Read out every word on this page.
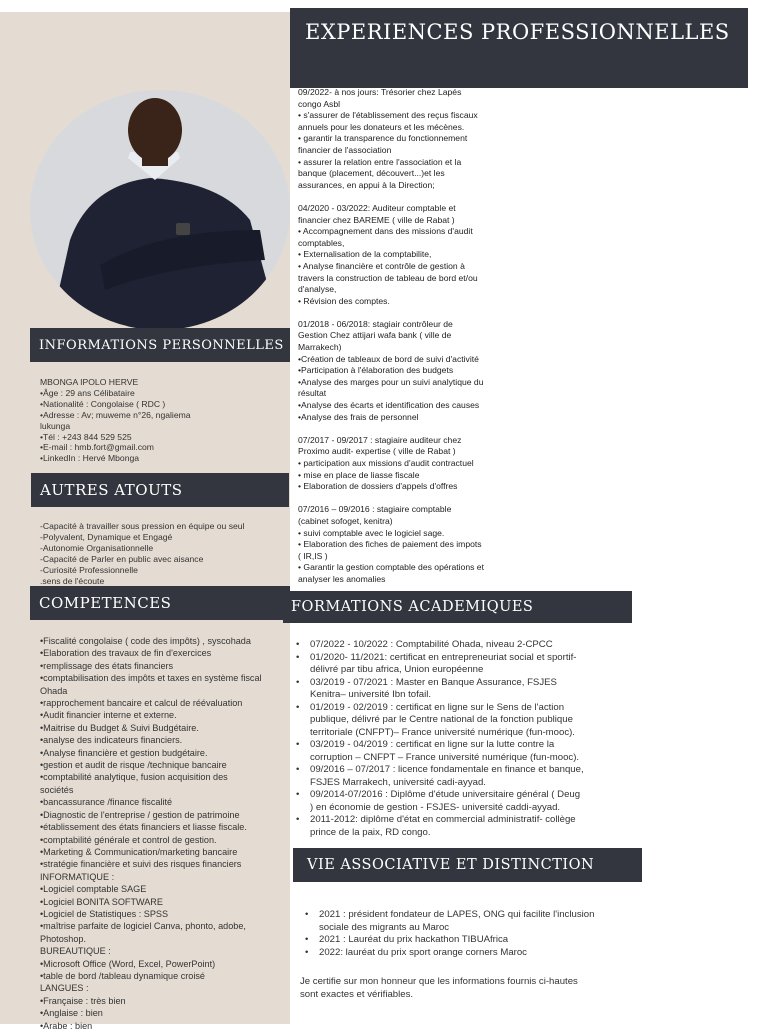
INFORMATIONS PERSONNELLES
MBONGA IPOLO HERVE
•Âge : 29 ans Célibataire
•Nationalité : Congolaise ( RDC )
•Adresse : Av; muweme n°26, ngaliema
lukunga
•Tél : +243 844 529 525
•E-mail : hmb.fort@gmail.com
•LinkedIn : Hervé Mbonga
AUTRES ATOUTS
-Capacité à travailler sous pression en équipe ou seul
-Polyvalent, Dynamique et Engagé
-Autonomie Organisationnelle
-Capacité de Parler en public avec aisance
-Curiosité Professionnelle
.sens de l'écoute
COMPETENCES
•Fiscalité congolaise ( code des impôts) , syscohada
•Elaboration des travaux de fin d'exercices
•remplissage des états financiers
•comptabilisation des impôts et taxes en système fiscal
Ohada
•rapprochement bancaire et calcul de réévaluation
•Audit financier interne et externe.
•Maitrise du Budget & Suivi Budgétaire.
•analyse des indicateurs financiers.
•Analyse financière et gestion budgétaire.
•gestion et audit de risque /technique bancaire
•comptabilité analytique, fusion acquisition des
sociétés
•bancassurance /finance fiscalité
•Diagnostic de l'entreprise / gestion de patrimoine
•établissement des états financiers et liasse fiscale.
•comptabilité générale et control de gestion.
•Marketing & Communication/marketing bancaire
•stratégie financière et suivi des risques financiers
INFORMATIQUE :
•Logiciel comptable SAGE
•Logiciel BONITA SOFTWARE
•Logiciel de Statistiques : SPSS
•maîtrise parfaite de logiciel Canva, phonto, adobe,
Photoshop.
BUREAUTIQUE :
•Microsoft Office (Word, Excel, PowerPoint)
•table de bord /tableau dynamique croisé
LANGUES :
•Française : très bien
•Anglaise : bien
•Arabe : bien
EXPERIENCES PROFESSIONNELLES
09/2022- à nos jours: Trésorier chez Lapés
congo Asbl
• s'assurer de l'établissement des reçus fiscaux
annuels pour les donateurs et les mécènes.
• garantir la transparence du fonctionnement
financier de l'association
• assurer la relation entre l'association et la
banque (placement, découvert...)et les
assurances, en appui à la Direction;
04/2020 - 03/2022: Auditeur comptable et
financier chez BAREME ( ville de Rabat )
• Accompagnement dans des missions d'audit
comptables,
• Externalisation de la comptabilite,
• Analyse financière et contrôle de gestion à
travers la construction de tableau de bord et/ou
d'analyse,
• Révision des comptes.
01/2018 - 06/2018: stagiair contrôleur de
Gestion Chez attijari wafa bank ( ville de
Marrakech)
•Création de tableaux de bord de suivi d'activité
•Participation à l'élaboration des budgets
•Analyse des marges pour un suivi analytique du
résultat
•Analyse des écarts et identification des causes
•Analyse des frais de personnel
07/2017 - 09/2017 : stagiaire auditeur chez
Proximo audit- expertise ( ville de Rabat )
• participation aux missions d'audit contractuel
• mise en place de liasse fiscale
• Elaboration de dossiers d'appels d'offres
07/2016 – 09/2016 : stagiaire comptable
(cabinet sofoget, kenitra)
• suivi comptable avec le logiciel sage.
• Elaboration des fiches de paiement des impots
( IR,IS )
• Garantir la gestion comptable des opérations et
analyser les anomalies
FORMATIONS ACADEMIQUES
• 07/2022 - 10/2022 : Comptabilité Ohada, niveau 2-CPCC
• 01/2020- 11/2021: certificat en entrepreneuriat social et sportif-
délivré par tibu africa, Union européenne
• 03/2019 - 07/2021 : Master en Banque Assurance, FSJES
Kenitra– université Ibn tofail.
• 01/2019 - 02/2019 : certificat en ligne sur le Sens de l'action
publique, délivré par le Centre national de la fonction publique
territoriale (CNFPT)– France université numérique (fun-mooc).
• 03/2019 - 04/2019 : certificat en ligne sur la lutte contre la
corruption – CNFPT – France université numérique (fun-mooc).
• 09/2016 – 07/2017 : licence fondamentale en finance et banque,
FSJES Marrakech, université cadi-ayyad.
• 09/2014-07/2016 : Diplôme d'étude universitaire général ( Deug
) en économie de gestion - FSJES- université caddi-ayyad.
• 2011-2012: diplôme d'état en commercial administratif- collège
prince de la paix, RD congo.
VIE ASSOCIATIVE ET DISTINCTION
• 2021 : président fondateur de LAPES, ONG qui facilite l'inclusion
sociale des migrants au Maroc
• 2021 : Lauréat du prix hackathon TIBUAfrica
• 2022: lauréat du prix sport orange corners Maroc
Je certifie sur mon honneur que les informations fournis ci-hautes
sont exactes et vérifiables.
